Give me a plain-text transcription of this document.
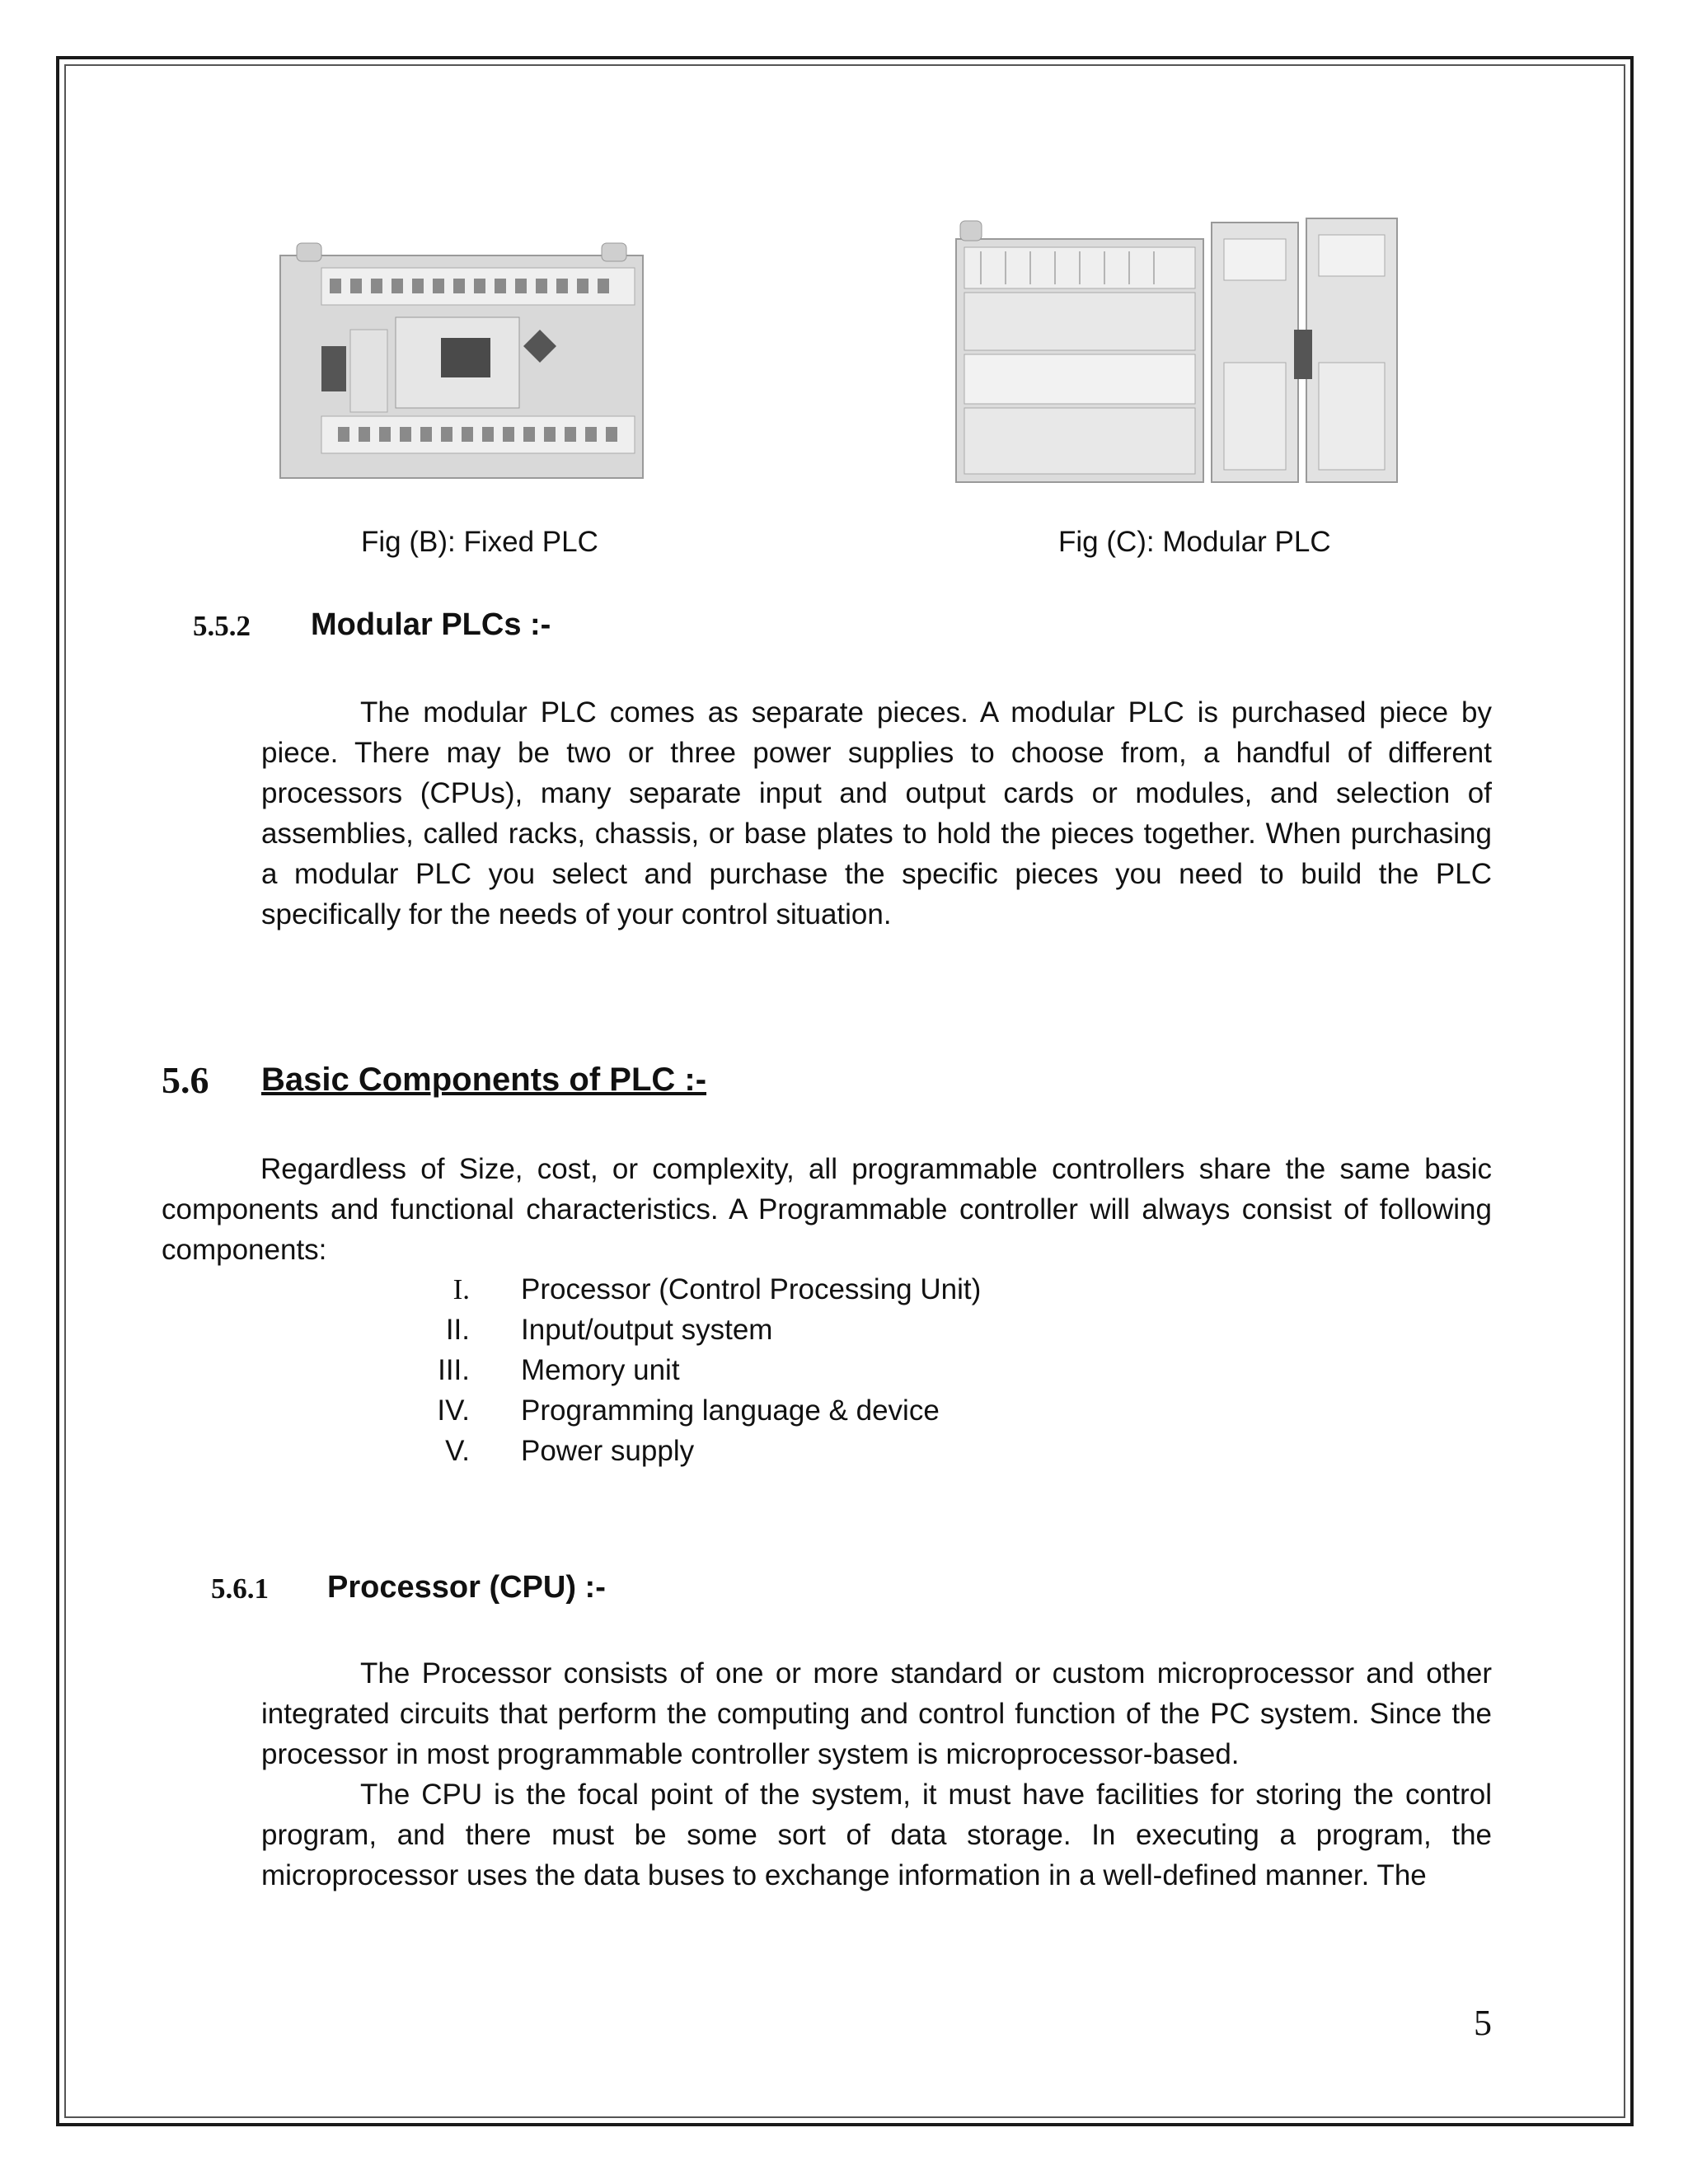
Fig (B): Fixed PLC	Fig (C): Modular PLC
5.5.2 Modular PLCs :-
The modular PLC comes as separate pieces. A modular PLC is purchased piece by piece. There may be two or three power supplies to choose from, a handful of different processors (CPUs), many separate input and output cards or modules, and selection of assemblies, called racks, chassis, or base plates to hold the pieces together. When purchasing a modular PLC you select and purchase the specific pieces you need to build the PLC specifically for the needs of your control situation.
5.6 Basic Components of PLC :-
Regardless of Size, cost, or complexity, all programmable controllers share the same basic components and functional characteristics. A Programmable controller will always consist of following components:
I. Processor (Control Processing Unit)
II. Input/output system
III. Memory unit
IV. Programming language & device
V. Power supply
5.6.1 Processor (CPU) :-

The Processor consists of one or more standard or custom microprocessor and other integrated circuits that perform the computing and control function of the PC system. Since the processor in most programmable controller system is microprocessor-based.

The CPU is the focal point of the system, it must have facilities for storing the control program, and there must be some sort of data storage. In executing a program, the microprocessor uses the data buses to exchange information in a well-defined manner. The

5
